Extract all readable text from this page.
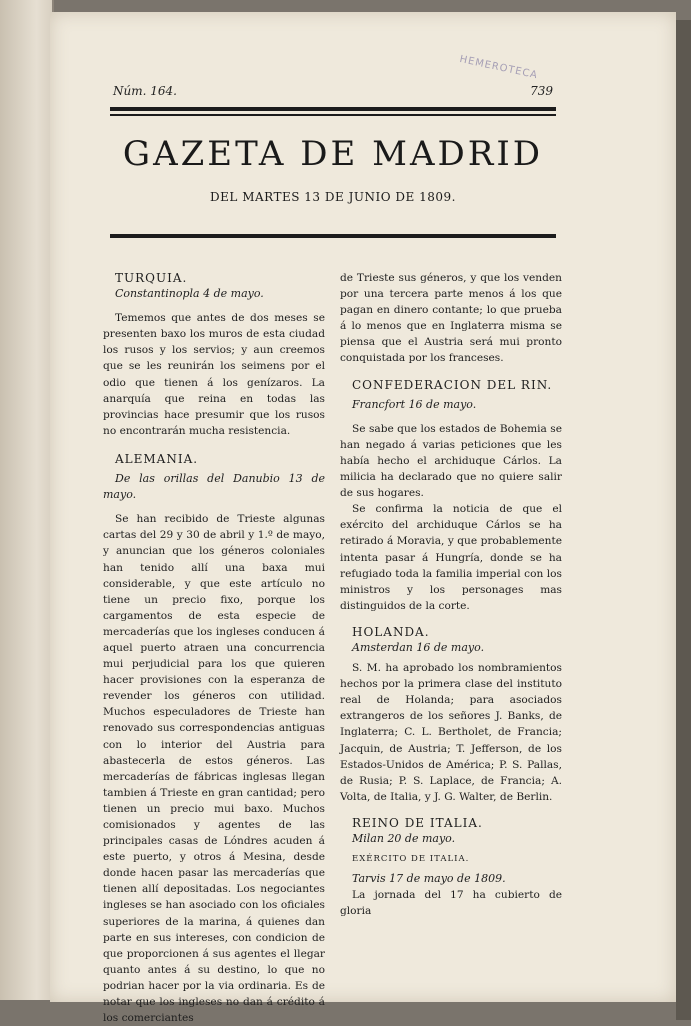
HEMEROTECA
Núm. 164.	739
GAZETA DE MADRID
DEL MARTES 13 DE JUNIO DE 1809.

TURQUIA.

Constantinopla 4 de mayo.

Tememos que antes de dos meses se presenten baxo los muros de esta ciudad los rusos y los servios; y aun creemos que se les reunirán los seimens por el odio que tienen á los genízaros. La anarquía que reina en todas las provincias hace presumir que los rusos no encontrarán mucha resistencia.

ALEMANIA.

De las orillas del Danubio 13 de mayo.

Se han recibido de Trieste algunas cartas del 29 y 30 de abril y 1.º de mayo, y anuncian que los géneros coloniales han tenido allí una baxa mui considerable, y que este artículo no tiene un precio fixo, porque los cargamentos de esta especie de mercaderías que los ingleses conducen á aquel puerto atraen una concurrencia mui perjudicial para los que quieren hacer provisiones con la esperanza de revender los géneros con utilidad. Muchos especuladores de Trieste han renovado sus correspondencias antiguas con lo interior del Austria para abastecerla de estos géneros. Las mercaderías de fábricas inglesas llegan tambien á Trieste en gran cantidad; pero tienen un precio mui baxo. Muchos comisionados y agentes de las principales casas de Lóndres acuden á este puerto, y otros á Mesina, desde donde hacen pasar las mercaderías que tienen allí depositadas. Los negociantes ingleses se han asociado con los oficiales superiores de la marina, á quienes dan parte en sus intereses, con condicion de que proporcionen á sus agentes el llegar quanto antes á su destino, lo que no podrian hacer por la via ordinaria. Es de notar que los ingleses no dan á crédito á los comerciantes

de Trieste sus géneros, y que los venden por una tercera parte menos á los que pagan en dinero contante; lo que prueba á lo menos que en Inglaterra misma se piensa que el Austria será mui pronto conquistada por los franceses.

CONFEDERACION DEL RIN.

Francfort 16 de mayo.

Se sabe que los estados de Bohemia se han negado á varias peticiones que les había hecho el archiduque Cárlos. La milicia ha declarado que no quiere salir de sus hogares.

Se confirma la noticia de que el exército del archiduque Cárlos se ha retirado á Moravia, y que probablemente intenta pasar á Hungría, donde se ha refugiado toda la familia imperial con los ministros y los personages mas distinguidos de la corte.

HOLANDA.

Amsterdan 16 de mayo.

S. M. ha aprobado los nombramientos hechos por la primera clase del instituto real de Holanda; para asociados extrangeros de los señores J. Banks, de Inglaterra; C. L. Bertholet, de Francia; Jacquin, de Austria; T. Jefferson, de los Estados-Unidos de América; P. S. Pallas, de Rusia; P. S. Laplace, de Francia; A. Volta, de Italia, y J. G. Walter, de Berlin.

REINO DE ITALIA.

Milan 20 de mayo.

EXÉRCITO DE ITALIA.

Tarvis 17 de mayo de 1809.

La jornada del 17 ha cubierto de gloria
